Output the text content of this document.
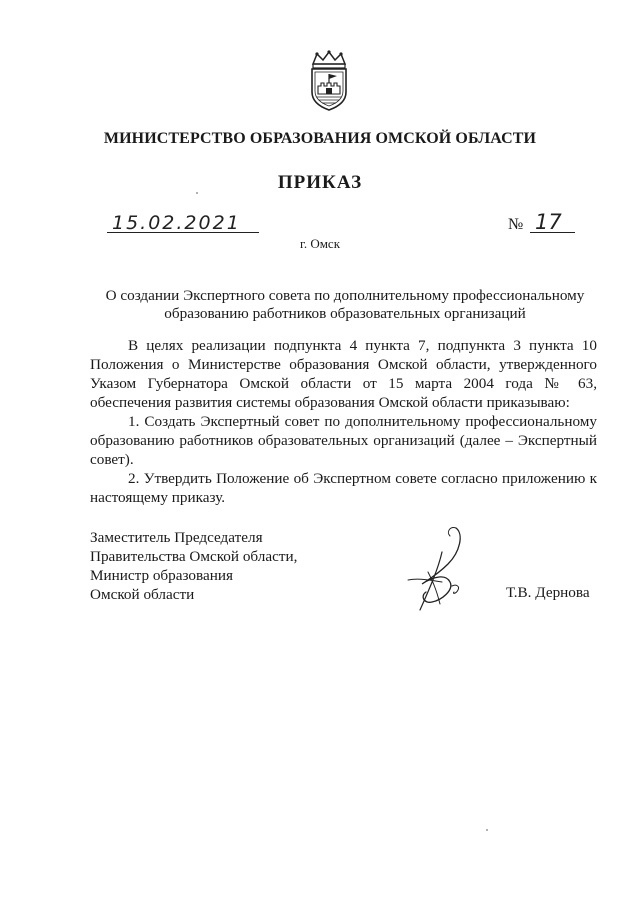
МИНИСТЕРСТВО ОБРАЗОВАНИЯ ОМСКОЙ ОБЛАСТИ
ПРИКАЗ
15.02.2021	№ 17
г. Омск
О создании Экспертного совета по дополнительному профессиональному
образованию работников образовательных организаций

В целях реализации подпункта 4 пункта 7, подпункта 3 пункта 10 Положения о Министерстве образования Омской области, утвержденного Указом Губернатора Омской области от 15 марта 2004 года № 63, обеспечения развития системы образования Омской области приказываю:

1. Создать Экспертный совет по дополнительному профессиональному образованию работников образовательных организаций (далее – Экспертный совет).

2. Утвердить Положение об Экспертном совете согласно приложению к настоящему приказу.

Заместитель Председателя
Правительства Омской области,
Министр образования
Омской области	Т.В. Дернова
